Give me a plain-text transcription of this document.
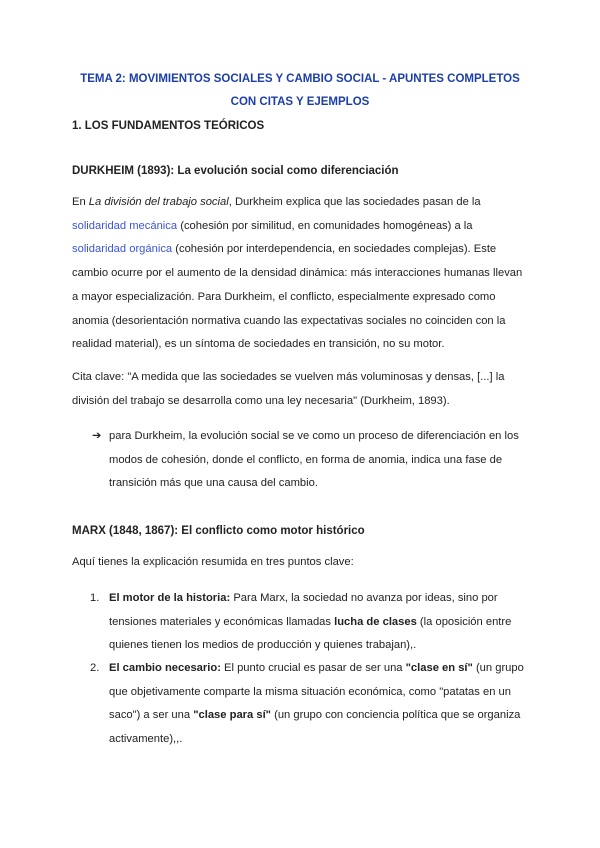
TEMA 2: MOVIMIENTOS SOCIALES Y CAMBIO SOCIAL - APUNTES COMPLETOS CON CITAS Y EJEMPLOS
1. LOS FUNDAMENTOS TEÓRICOS
DURKHEIM (1893): La evolución social como diferenciación
En La división del trabajo social, Durkheim explica que las sociedades pasan de la solidaridad mecánica (cohesión por similitud, en comunidades homogéneas) a la solidaridad orgánica (cohesión por interdependencia, en sociedades complejas). Este cambio ocurre por el aumento de la densidad dinámica: más interacciones humanas llevan a mayor especialización. Para Durkheim, el conflicto, especialmente expresado como anomia (desorientación normativa cuando las expectativas sociales no coinciden con la realidad material), es un síntoma de sociedades en transición, no su motor.
Cita clave: "A medida que las sociedades se vuelven más voluminosas y densas, [...] la división del trabajo se desarrolla como una ley necesaria" (Durkheim, 1893).
➔ para Durkheim, la evolución social se ve como un proceso de diferenciación en los modos de cohesión, donde el conflicto, en forma de anomia, indica una fase de transición más que una causa del cambio.
MARX (1848, 1867): El conflicto como motor histórico
Aquí tienes la explicación resumida en tres puntos clave:
1. El motor de la historia: Para Marx, la sociedad no avanza por ideas, sino por tensiones materiales y económicas llamadas lucha de clases (la oposición entre quienes tienen los medios de producción y quienes trabajan),.
2. El cambio necesario: El punto crucial es pasar de ser una "clase en sí" (un grupo que objetivamente comparte la misma situación económica, como "patatas en un saco") a ser una "clase para sí" (un grupo con conciencia política que se organiza activamente),,.
